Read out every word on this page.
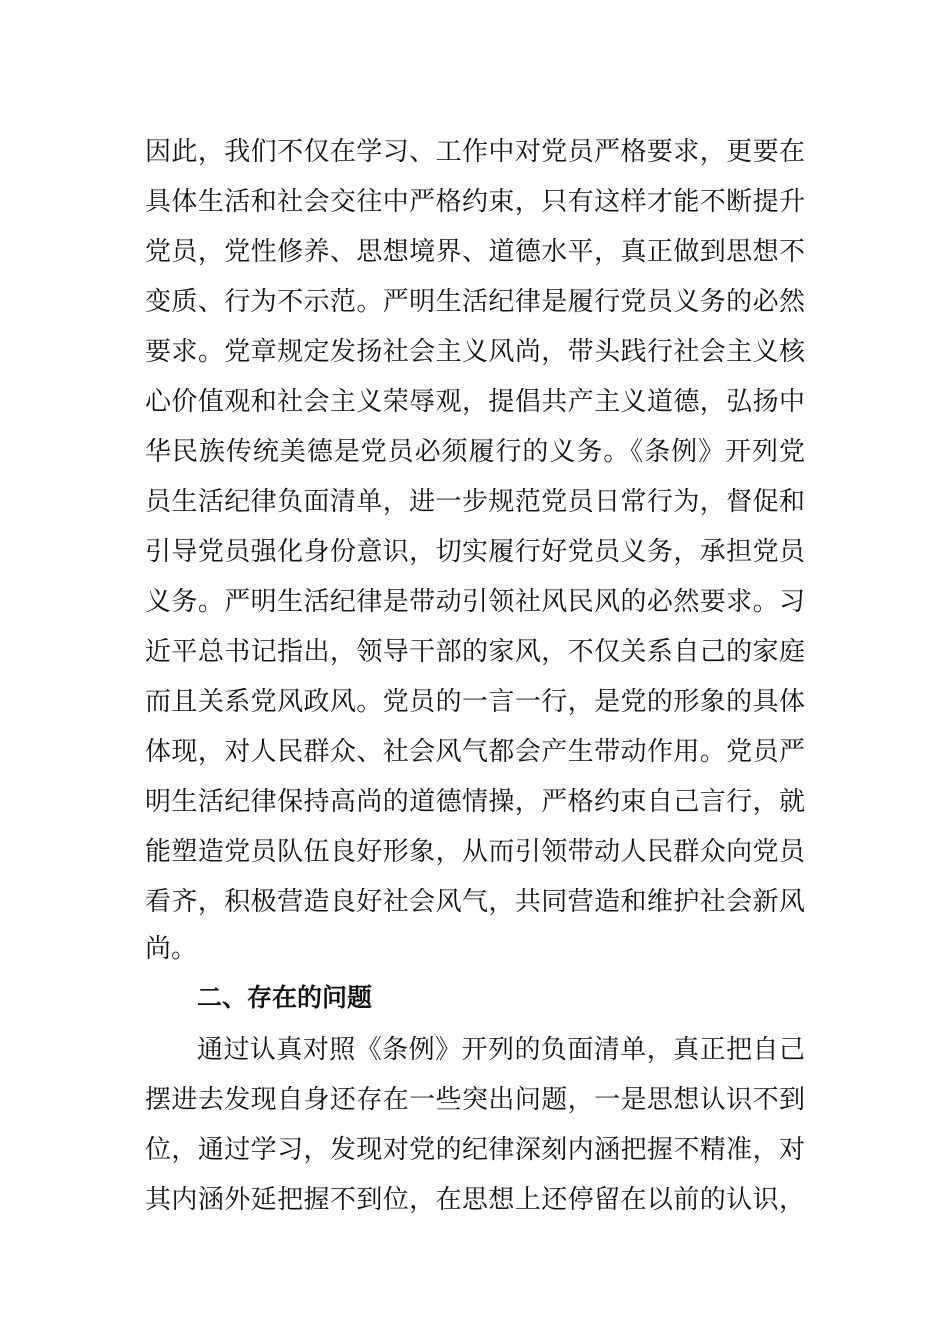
因此，我们不仅在学习、工作中对党员严格要求，更要在
具体生活和社会交往中严格约束，只有这样才能不断提升
党员，党性修养、思想境界、道德水平，真正做到思想不
变质、行为不示范。严明生活纪律是履行党员义务的必然
要求。党章规定发扬社会主义风尚，带头践行社会主义核
心价值观和社会主义荣辱观，提倡共产主义道德，弘扬中
华民族传统美德是党员必须履行的义务。《条例》开列党
员生活纪律负面清单，进一步规范党员日常行为，督促和
引导党员强化身份意识，切实履行好党员义务，承担党员
义务。严明生活纪律是带动引领社风民风的必然要求。习
近平总书记指出，领导干部的家风，不仅关系自己的家庭
而且关系党风政风。党员的一言一行，是党的形象的具体
体现，对人民群众、社会风气都会产生带动作用。党员严
明生活纪律保持高尚的道德情操，严格约束自己言行，就
能塑造党员队伍良好形象，从而引领带动人民群众向党员
看齐，积极营造良好社会风气，共同营造和维护社会新风
尚。
二、存在的问题
通过认真对照《条例》开列的负面清单，真正把自己
摆进去发现自身还存在一些突出问题，一是思想认识不到
位，通过学习，发现对党的纪律深刻内涵把握不精准，对
其内涵外延把握不到位，在思想上还停留在以前的认识，
